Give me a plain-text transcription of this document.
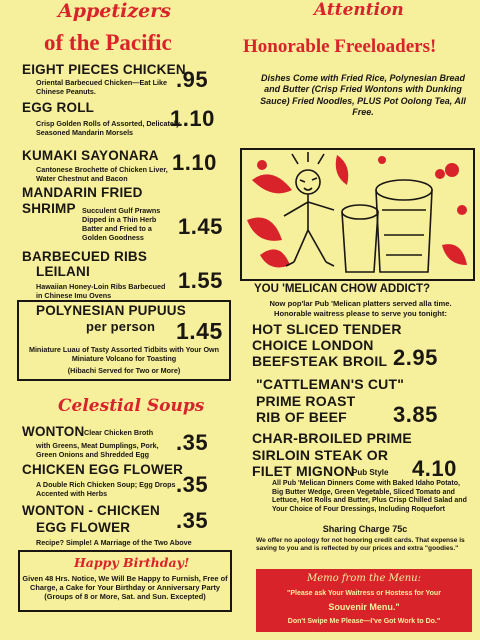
Appetizers
of the Pacific
EIGHT PIECES CHICKEN
Oriental Barbecued Chicken—Eat Like Chinese Peanuts.	.95
EGG ROLL
Crisp Golden Rolls of Assorted, Delicately Seasoned Mandarin Morsels
1.10
KUMAKI SAYONARA
Cantonese Brochette of Chicken Liver, Water Chestnut and Bacon
1.10
MANDARIN FRIED
SHRIMP Succulent Gulf Prawns Dipped in a Thin Herb Batter and Fried to a Golden Goodness	1.45
BARBECUED RIBS
LEILANI
Hawaiian Honey-Loin Ribs Barbecued in Chinese Imu Ovens
1.55
POLYNESIAN PUPUUS
per person 1.45
Miniature Luau of Tasty Assorted Tidbits with Your Own Miniature Volcano for Toasting
(Hibachi Served for Two or More)
Celestial Soups
WONTON Clear Chicken Broth
with Greens, Meat Dumplings, Pork, Green Onions and Shredded Egg	.35
CHICKEN EGG FLOWER
A Double Rich Chicken Soup; Egg Drops Accented with Herbs	.35
WONTON - CHICKEN
EGG FLOWER .35
Recipe? Simple! A Marriage of the Two Above
Happy Birthday!
Given 48 Hrs. Notice, We Will Be Happy to Furnish, Free of Charge, a Cake for Your Birthday or Anniversary Party (Groups of 8 or More, Sat. and Sun. Excepted)
Attention
Honorable Freeloaders!
Dishes Come with Fried Rice, Polynesian Bread and Butter (Crisp Fried Wontons with Dunking Sauce) Fried Noodles, PLUS Pot Oolong Tea, All Free.
YOU 'MELICAN CHOW ADDICT?
Now pop'lar Pub 'Melican platters served alla time.
Honorable waitress please to serve you tonight:
HOT SLICED TENDER
CHOICE LONDON
BEEFSTEAK BROIL 2.95
"CATTLEMAN'S CUT"
PRIME ROAST
RIB OF BEEF 3.85
CHAR-BROILED PRIME
SIRLOIN STEAK OR
FILET MIGNON
Pub Style 4.10
All Pub 'Melican Dinners Come with Baked Idaho Potato, Big Butter Wedge, Green Vegetable, Sliced Tomato and Lettuce, Hot Rolls and Butter, Plus Crisp Chilled Salad and Your Choice of Four Dressings, Including Roquefort
Sharing Charge 75c
We offer no apology for not honoring credit cards. That expense is saving to you and is reflected by our prices and extra "goodies."
Memo from the Menu:
"Please ask Your Waitress or Hostess for Your
Souvenir Menu."
Don't Swipe Me Please—I've Got Work to Do."
